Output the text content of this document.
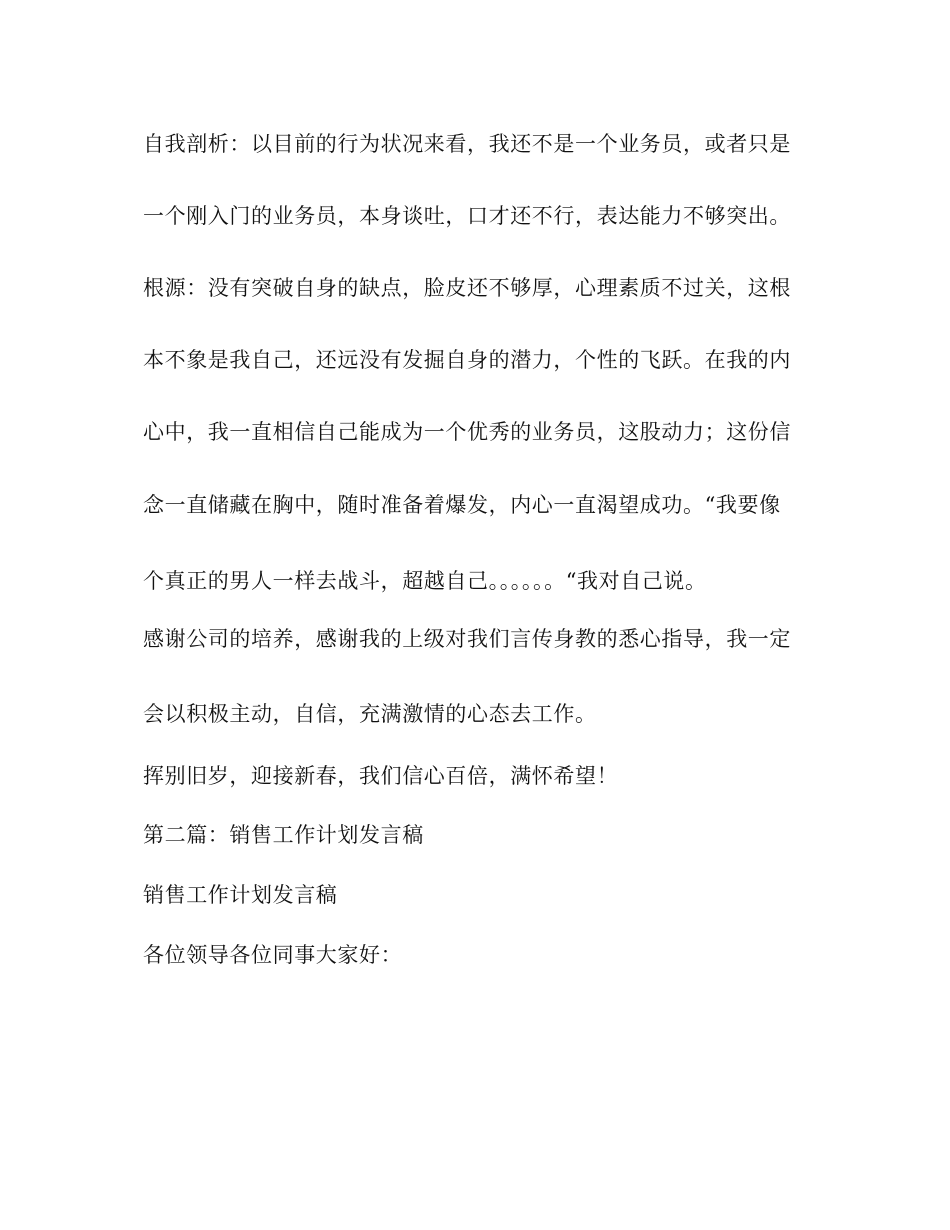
自我剖析：以目前的行为状况来看，我还不是一个业务员，或者只是
一个刚入门的业务员，本身谈吐，口才还不行，表达能力不够突出。
根源：没有突破自身的缺点，脸皮还不够厚，心理素质不过关，这根
本不象是我自己，还远没有发掘自身的潜力，个性的飞跃。在我的内
心中，我一直相信自己能成为一个优秀的业务员，这股动力；这份信
念一直储藏在胸中，随时准备着爆发，内心一直渴望成功。“我要像
个真正的男人一样去战斗，超越自己。。。。。。“我对自己说。
感谢公司的培养，感谢我的上级对我们言传身教的悉心指导，我一定
会以积极主动，自信，充满激情的心态去工作。
挥别旧岁，迎接新春，我们信心百倍，满怀希望！
第二篇：销售工作计划发言稿
销售工作计划发言稿
各位领导各位同事大家好：
